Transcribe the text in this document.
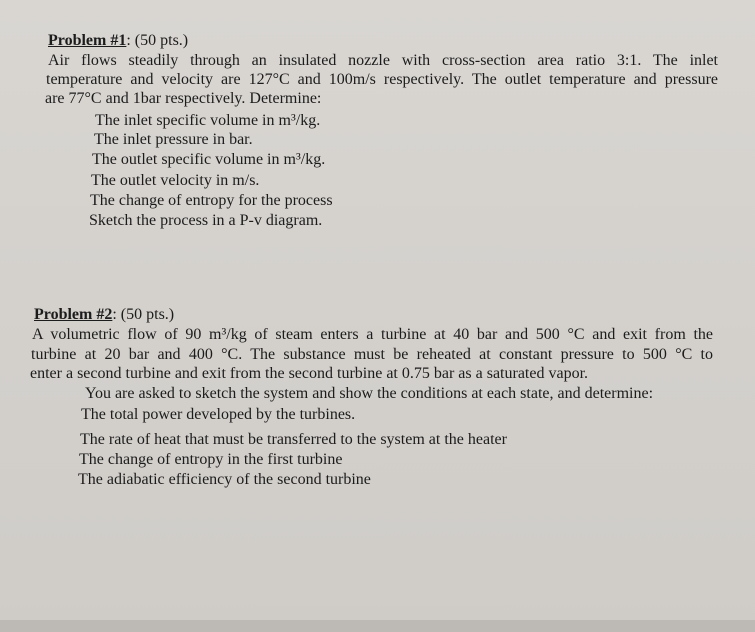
Problem #1: (50 pts.)
Air flows steadily through an insulated nozzle with cross-section area ratio 3:1. The inlet
temperature and velocity are 127°C and 100m/s respectively. The outlet temperature and pressure
are 77°C and 1bar respectively. Determine:
The inlet specific volume in m³/kg.
The inlet pressure in bar.
The outlet specific volume in m³/kg.
The outlet velocity in m/s.
The change of entropy for the process
Sketch the process in a P-v diagram.
Problem #2: (50 pts.)
A volumetric flow of 90 m³/kg of steam enters a turbine at 40 bar and 500 °C and exit from the
turbine at 20 bar and 400 °C. The substance must be reheated at constant pressure to 500 °C to
enter a second turbine and exit from the second turbine at 0.75 bar as a saturated vapor.
You are asked to sketch the system and show the conditions at each state, and determine:
The total power developed by the turbines.
The rate of heat that must be transferred to the system at the heater
The change of entropy in the first turbine
The adiabatic efficiency of the second turbine
